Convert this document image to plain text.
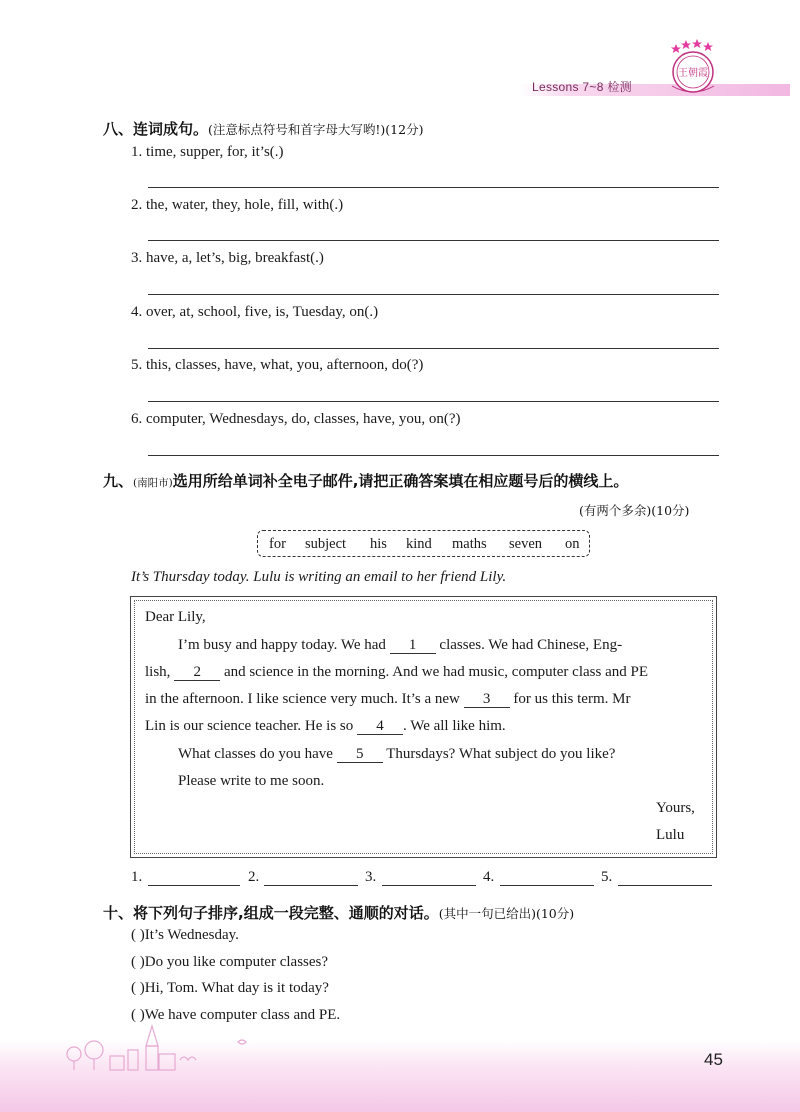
Lessons 7~8 检测
王朝霞
八、连词成句。(注意标点符号和首字母大写哟!)(12分)
1. time, supper, for, it’s(.)
2. the, water, they, hole, fill, with(.)
3. have, a, let’s, big, breakfast(.)
4. over, at, school, five, is, Tuesday, on(.)
5. this, classes, have, what, you, afternoon, do(?)
6. computer, Wednesdays, do, classes, have, you, on(?)
九、(南阳市)选用所给单词补全电子邮件,请把正确答案填在相应题号后的横线上。
(有两个多余)(10分)
for subject his kind maths seven on
It’s Thursday today. Lulu is writing an email to her friend Lily.
Dear Lily,
I’m busy and happy today. We had 1 classes. We had Chinese, Eng-
lish, 2 and science in the morning. And we had music, computer class and PE
in the afternoon. I like science very much. It’s a new 3 for us this term. Mr
Lin is our science teacher. He is so 4 . We all like him.
What classes do you have 5 Thursdays? What subject do you like?
Please write to me soon.
Yours,
Lulu
1.	2.	3.	4.	5.
十、将下列句子排序,组成一段完整、通顺的对话。(其中一句已给出)(10分)
( )It’s Wednesday.
( )Do you like computer classes?
( )Hi, Tom. What day is it today?
( )We have computer class and PE.
45
